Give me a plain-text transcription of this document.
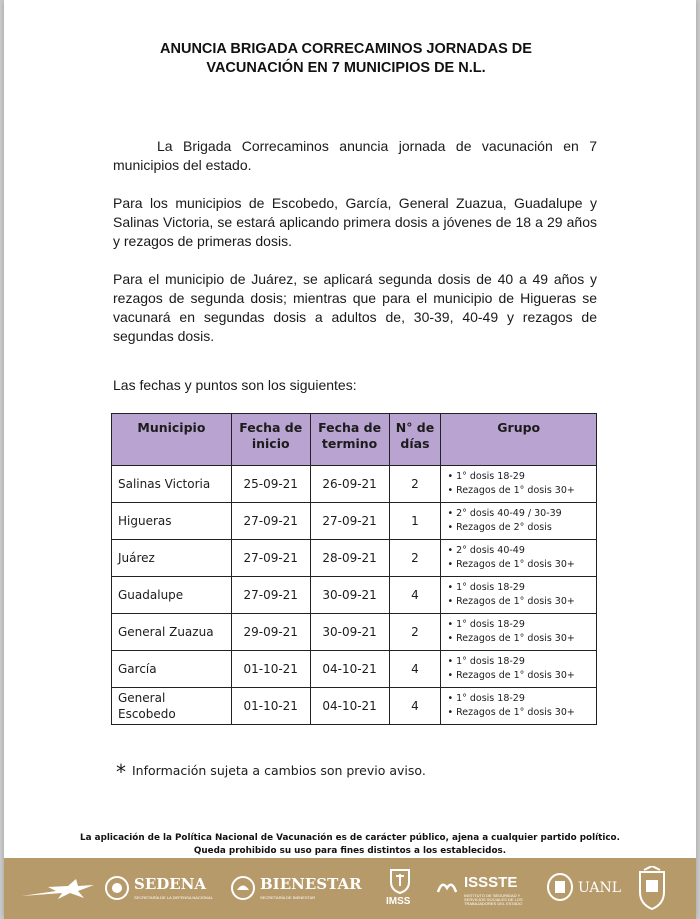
ANUNCIA BRIGADA CORRECAMINOS JORNADAS DE
VACUNACIÓN EN 7 MUNICIPIOS DE N.L.
La Brigada Correcaminos anuncia jornada de vacunación en 7 municipios del estado.
Para los municipios de Escobedo, García, General Zuazua, Guadalupe y Salinas Victoria, se estará aplicando primera dosis a jóvenes de 18 a 29 años y rezagos de primeras dosis.
Para el municipio de Juárez, se aplicará segunda dosis de 40 a 49 años y rezagos de segunda dosis; mientras que para el municipio de Higueras se vacunará en segundas dosis a adultos de, 30-39, 40-49 y rezagos de segundas dosis.
Las fechas y puntos son los siguientes:
Municipio	Fecha de inicio	Fecha de termino	N° de días	Grupo
Salinas Victoria	25-09-21	26-09-21	2	• 1° dosis 18-29
• Rezagos de 1° dosis 30+

Higueras	27-09-21	27-09-21	1	• 2° dosis 40-49 / 30-39
• Rezagos de 2° dosis

Juárez	27-09-21	28-09-21	2	• 2° dosis 40-49
• Rezagos de 1° dosis 30+

Guadalupe	27-09-21	30-09-21	4	• 1° dosis 18-29
• Rezagos de 1° dosis 30+

General Zuazua	29-09-21	30-09-21	2	• 1° dosis 18-29
• Rezagos de 1° dosis 30+

García	01-10-21	04-10-21	4	• 1° dosis 18-29
• Rezagos de 1° dosis 30+

General Escobedo	01-10-21	04-10-21	4	• 1° dosis 18-29
• Rezagos de 1° dosis 30+
* Información sujeta a cambios son previo aviso.
La aplicación de la Política Nacional de Vacunación es de carácter público, ajena a cualquier partido político.
Queda prohibido su uso para fines distintos a los establecidos.
SEDENA
SECRETARÍA DE LA DEFENSA NACIONAL
BIENESTAR
SECRETARÍA DE BIENESTAR	IMSS
ISSSTE
INSTITUTO DE SEGURIDAD Y SERVICIOS SOCIALES DE LOS TRABAJADORES DEL ESTADO
UANL
